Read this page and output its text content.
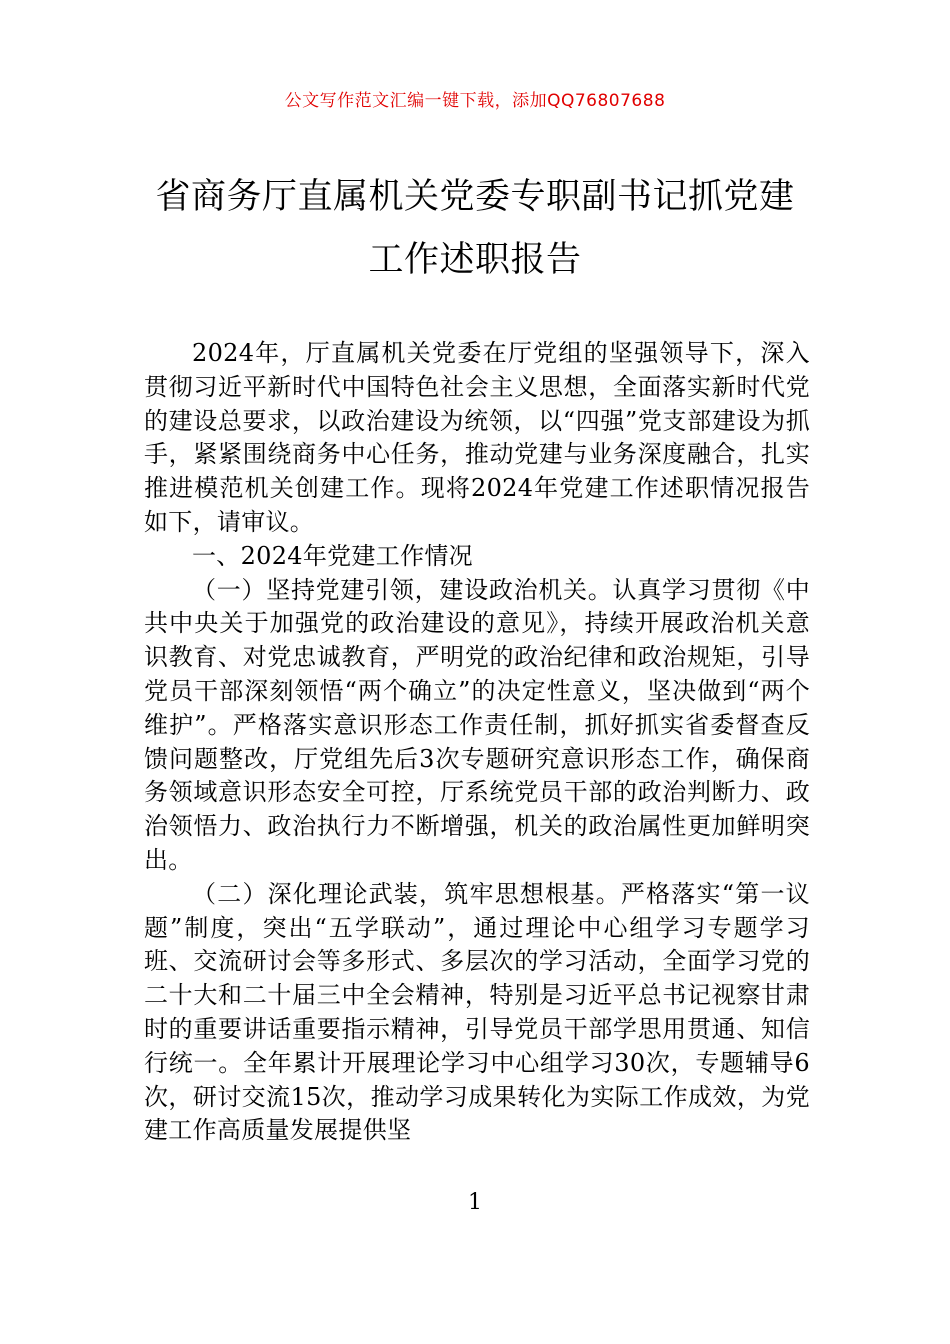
公文写作范文汇编一键下载，添加QQ76807688
省商务厅直属机关党委专职副书记抓党建
工作述职报告

2024年，厅直属机关党委在厅党组的坚强领导下，深入贯彻习近平新时代中国特色社会主义思想，全面落实新时代党的建设总要求，以政治建设为统领，以“四强”党支部建设为抓手，紧紧围绕商务中心任务，推动党建与业务深度融合，扎实推进模范机关创建工作。现将2024年党建工作述职情况报告如下，请审议。

一、2024年党建工作情况

（一）坚持党建引领，建设政治机关。认真学习贯彻《中共中央关于加强党的政治建设的意见》，持续开展政治机关意识教育、对党忠诚教育，严明党的政治纪律和政治规矩，引导党员干部深刻领悟“两个确立”的决定性意义，坚决做到“两个维护”。严格落实意识形态工作责任制，抓好抓实省委督查反馈问题整改，厅党组先后3次专题研究意识形态工作，确保商务领域意识形态安全可控，厅系统党员干部的政治判断力、政治领悟力、政治执行力不断增强，机关的政治属性更加鲜明突出。

（二）深化理论武装，筑牢思想根基。严格落实“第一议题”制度，突出“五学联动”，通过理论中心组学习专题学习班、交流研讨会等多形式、多层次的学习活动，全面学习党的二十大和二十届三中全会精神，特别是习近平总书记视察甘肃时的重要讲话重要指示精神，引导党员干部学思用贯通、知信行统一。全年累计开展理论学习中心组学习30次，专题辅导6次，研讨交流15次，推动学习成果转化为实际工作成效，为党建工作高质量发展提供坚

1
